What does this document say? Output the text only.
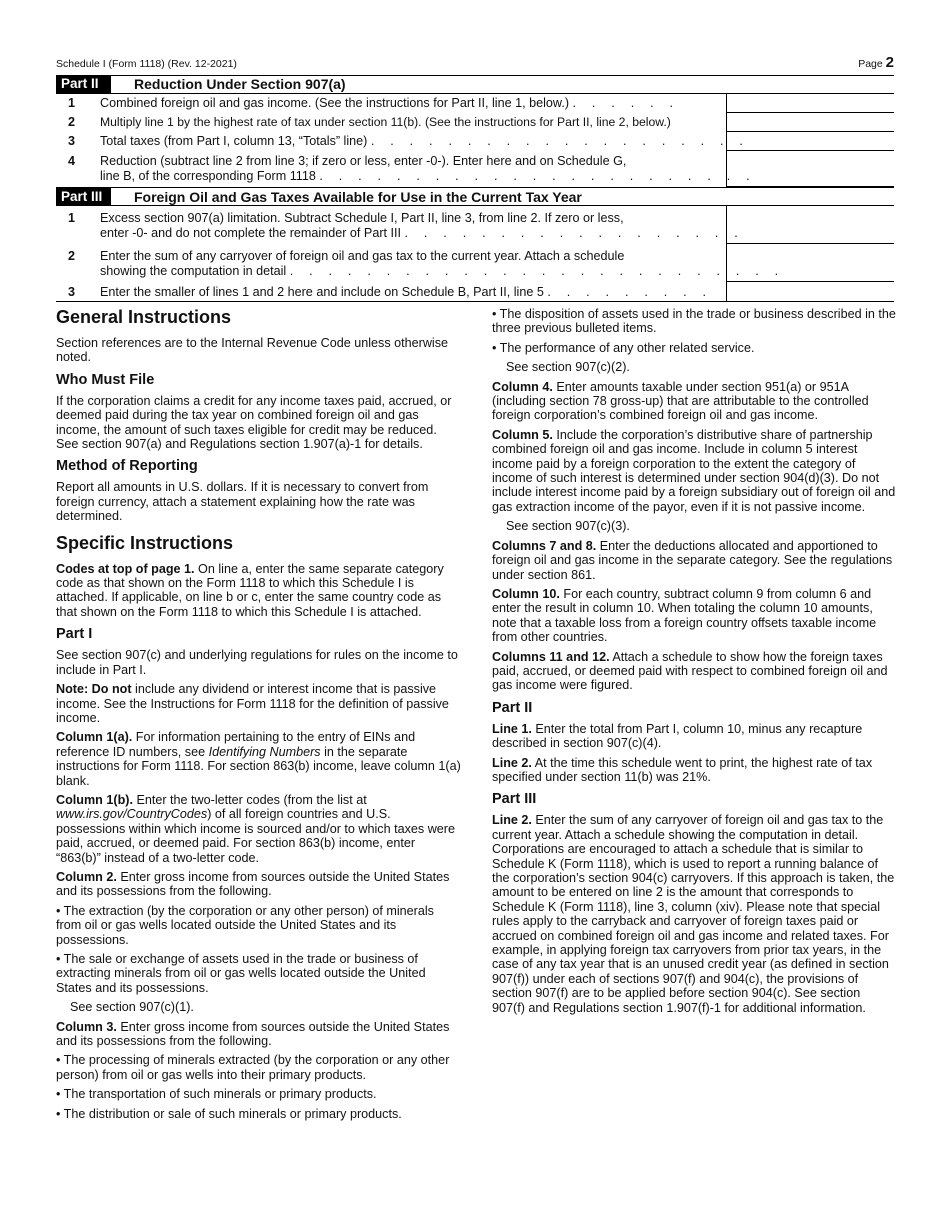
Schedule I (Form 1118) (Rev. 12-2021)	Page 2
Part II	Reduction Under Section 907(a)
1 Combined foreign oil and gas income. (See the instructions for Part II, line 1, below.) . . . . . .
2 Multiply line 1 by the highest rate of tax under section 11(b). (See the instructions for Part II, line 2, below.)
3 Total taxes (from Part I, column 13, “Totals” line) . . . . . . . . . . . . . . . . . . . .
4 Reduction (subtract line 2 from line 3; if zero or less, enter -0-). Enter here and on Schedule G,
line B, of the corresponding Form 1118 . . . . . . . . . . . . . . . . . . . . . . .
Part III	Foreign Oil and Gas Taxes Available for Use in the Current Tax Year
1 Excess section 907(a) limitation. Subtract Schedule I, Part II, line 3, from line 2. If zero or less,
enter -0- and do not complete the remainder of Part III . . . . . . . . . . . . . . . . . .
2 Enter the sum of any carryover of foreign oil and gas tax to the current year. Attach a schedule
showing the computation in detail . . . . . . . . . . . . . . . . . . . . . . . . . .
3 Enter the smaller of lines 1 and 2 here and include on Schedule B, Part II, line 5 . . . . . . . . .
General Instructions

Section references are to the Internal Revenue Code unless otherwise noted.

Who Must File

If the corporation claims a credit for any income taxes paid, accrued, or deemed paid during the tax year on combined foreign oil and gas income, the amount of such taxes eligible for credit may be reduced. See section 907(a) and Regulations section 1.907(a)-1 for details.

Method of Reporting

Report all amounts in U.S. dollars. If it is necessary to convert from foreign currency, attach a statement explaining how the rate was determined.

Specific Instructions

Codes at top of page 1. On line a, enter the same separate category code as that shown on the Form 1118 to which this Schedule I is attached. If applicable, on line b or c, enter the same country code as that shown on the Form 1118 to which this Schedule I is attached.

Part I

See section 907(c) and underlying regulations for rules on the income to include in Part I.

Note: Do not include any dividend or interest income that is passive income. See the Instructions for Form 1118 for the definition of passive income.

Column 1(a). For information pertaining to the entry of EINs and reference ID numbers, see Identifying Numbers in the separate instructions for Form 1118. For section 863(b) income, leave column 1(a) blank.

Column 1(b). Enter the two-letter codes (from the list at www.irs.gov/CountryCodes) of all foreign countries and U.S. possessions within which income is sourced and/or to which taxes were paid, accrued, or deemed paid. For section 863(b) income, enter “863(b)” instead of a two-letter code.

Column 2. Enter gross income from sources outside the United States and its possessions from the following.

• The extraction (by the corporation or any other person) of minerals from oil or gas wells located outside the United States and its possessions.

• The sale or exchange of assets used in the trade or business of extracting minerals from oil or gas wells located outside the United States and its possessions.

See section 907(c)(1).

Column 3. Enter gross income from sources outside the United States and its possessions from the following.

• The processing of minerals extracted (by the corporation or any other person) from oil or gas wells into their primary products.

• The transportation of such minerals or primary products.

• The distribution or sale of such minerals or primary products.

• The disposition of assets used in the trade or business described in the three previous bulleted items.

• The performance of any other related service.

See section 907(c)(2).

Column 4. Enter amounts taxable under section 951(a) or 951A (including section 78 gross-up) that are attributable to the controlled foreign corporation’s combined foreign oil and gas income.

Column 5. Include the corporation’s distributive share of partnership combined foreign oil and gas income. Include in column 5 interest income paid by a foreign corporation to the extent the category of income of such interest is determined under section 904(d)(3). Do not include interest income paid by a foreign subsidiary out of foreign oil and gas extraction income of the payor, even if it is not passive income.

See section 907(c)(3).

Columns 7 and 8. Enter the deductions allocated and apportioned to foreign oil and gas income in the separate category. See the regulations under section 861.

Column 10. For each country, subtract column 9 from column 6 and enter the result in column 10. When totaling the column 10 amounts, note that a taxable loss from a foreign country offsets taxable income from other countries.

Columns 11 and 12. Attach a schedule to show how the foreign taxes paid, accrued, or deemed paid with respect to combined foreign oil and gas income were figured.

Part II

Line 1. Enter the total from Part I, column 10, minus any recapture described in section 907(c)(4).

Line 2. At the time this schedule went to print, the highest rate of tax specified under section 11(b) was 21%.

Part III

Line 2. Enter the sum of any carryover of foreign oil and gas tax to the current year. Attach a schedule showing the computation in detail. Corporations are encouraged to attach a schedule that is similar to Schedule K (Form 1118), which is used to report a running balance of the corporation’s section 904(c) carryovers. If this approach is taken, the amount to be entered on line 2 is the amount that corresponds to Schedule K (Form 1118), line 3, column (xiv). Please note that special rules apply to the carryback and carryover of foreign taxes paid or accrued on combined foreign oil and gas income and related taxes. For example, in applying foreign tax carryovers from prior tax years, in the case of any tax year that is an unused credit year (as defined in section 907(f)) under each of sections 907(f) and 904(c), the provisions of section 907(f) are to be applied before section 904(c). See section 907(f) and Regulations section 1.907(f)-1 for additional information.
